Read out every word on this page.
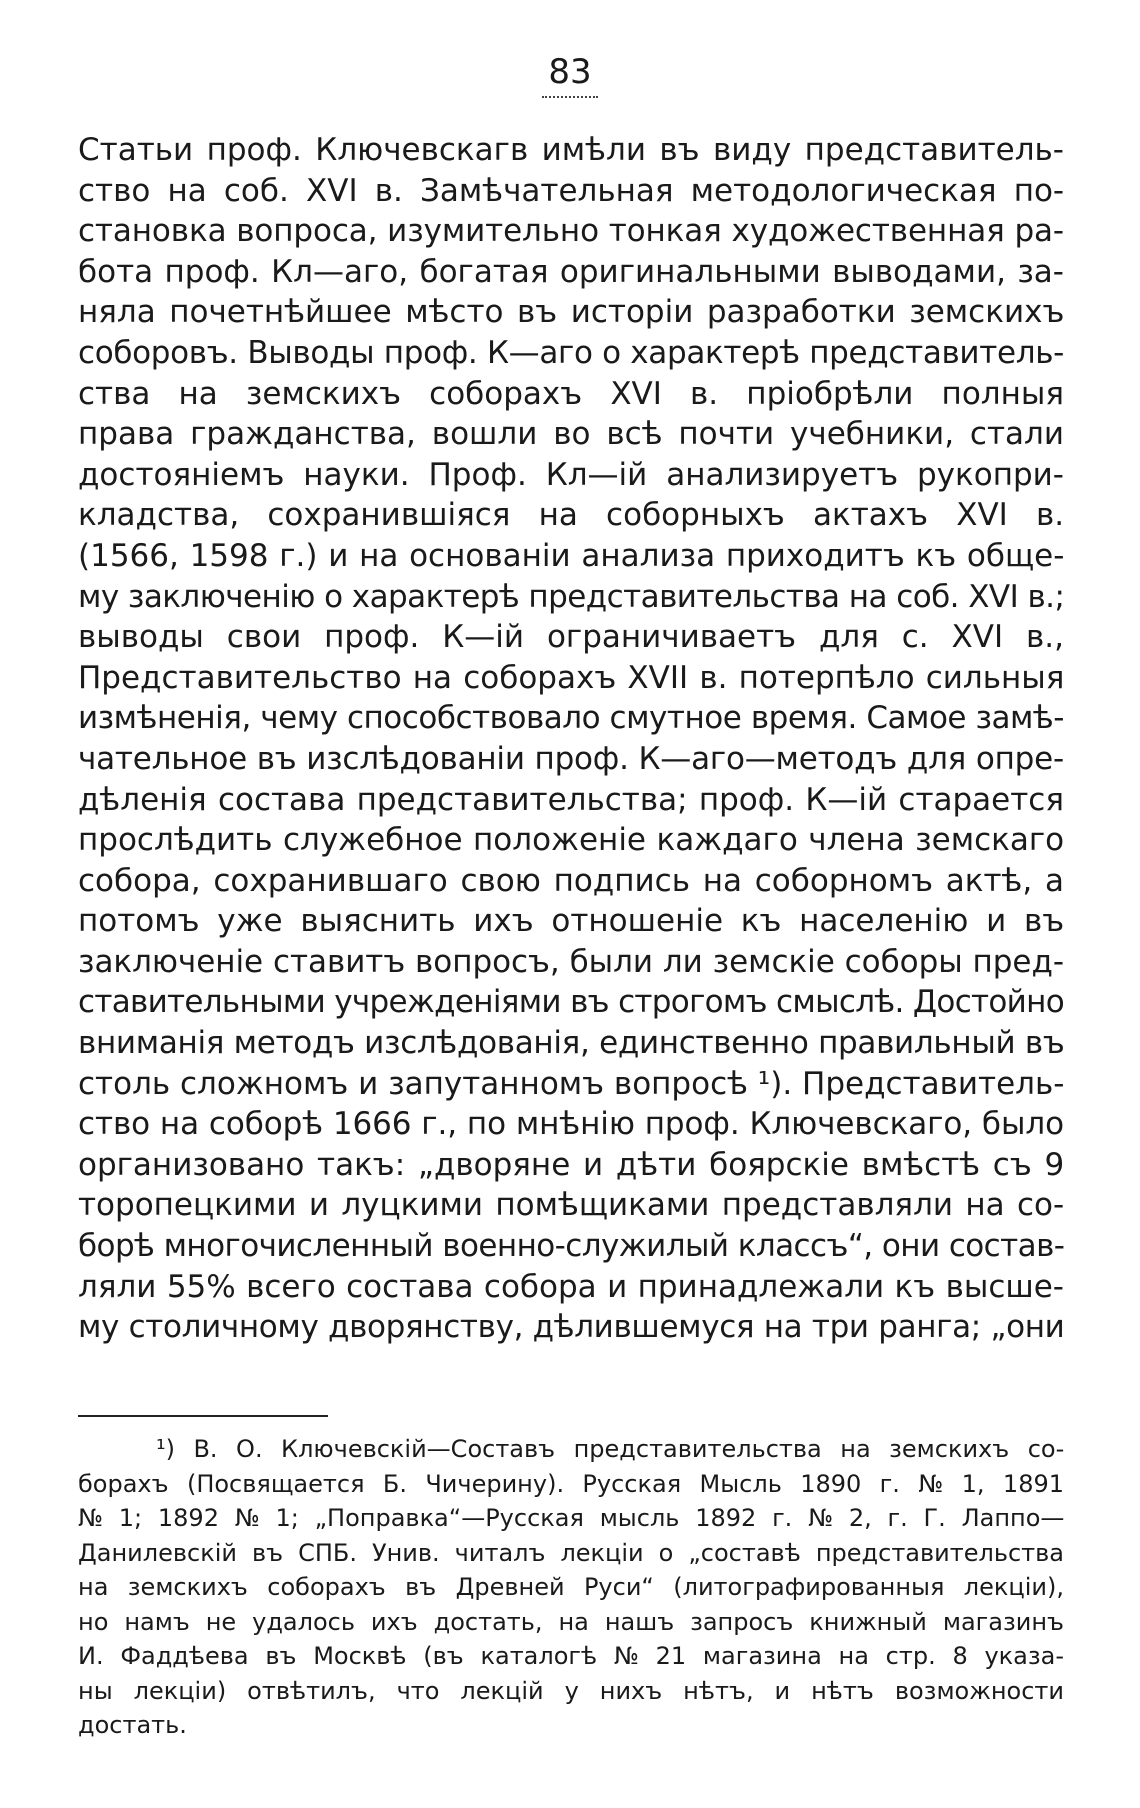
83
Статьи проф. Ключевскагв имѣли въ виду представитель-
ство на соб. XVI в. Замѣчательная методологическая по-
становка вопроса, изумительно тонкая художественная ра-
бота проф. Кл—аго, богатая оригинальными выводами, за-
няла почетнѣйшее мѣсто въ исторіи разработки земскихъ
соборовъ. Выводы проф. К—аго о характерѣ представитель-
ства на земскихъ соборахъ XVI в. пріобрѣли полныя
права гражданства, вошли во всѣ почти учебники, стали
достояніемъ науки. Проф. Кл—ій анализируетъ рукопри-
кладства, сохранившіяся на соборныхъ актахъ XVI в.
(1566, 1598 г.) и на основаніи анализа приходитъ къ обще-
му заключенію о характерѣ представительства на соб. XVI в.;
выводы свои проф. К—ій ограничиваетъ для с. XVI в.,
Представительство на соборахъ XVII в. потерпѣло сильныя
измѣненія, чему способствовало смутное время. Самое замѣ-
чательное въ изслѣдованіи проф. К—аго—методъ для опре-
дѣленія состава представительства; проф. К—ій старается
прослѣдить служебное положеніе каждаго члена земскаго
собора, сохранившаго свою подпись на соборномъ актѣ, а
потомъ уже выяснить ихъ отношеніе къ населенію и въ
заключеніе ставитъ вопросъ, были ли земскіе соборы пред-
ставительными учрежденіями въ строгомъ смыслѣ. Достойно
вниманія методъ изслѣдованія, единственно правильный въ
столь сложномъ и запутанномъ вопросѣ ¹). Представитель-
ство на соборѣ 1666 г., по мнѣнію проф. Ключевскаго, было
организовано такъ: „дворяне и дѣти боярскіе вмѣстѣ съ 9
торопецкими и луцкими помѣщиками представляли на со-
борѣ многочисленный военно-служилый классъ“, они состав-
ляли 55% всего состава собора и принадлежали къ высше-
му столичному дворянству, дѣлившемуся на три ранга; „они
¹) В. О. Ключевскій—Составъ представительства на земскихъ со-
борахъ (Посвящается Б. Чичерину). Русская Мысль 1890 г. № 1, 1891
№ 1; 1892 № 1; „Поправка“—Русская мысль 1892 г. № 2, г. Г. Лаппо—
Данилевскій въ СПБ. Унив. читалъ лекціи о „составѣ представительства
на земскихъ соборахъ въ Древней Руси“ (литографированныя лекціи),
но намъ не удалось ихъ достать, на нашъ запросъ книжный магазинъ
И. Фаддѣева въ Москвѣ (въ каталогѣ № 21 магазина на стр. 8 указа-
ны лекціи) отвѣтилъ, что лекцій у нихъ нѣтъ, и нѣтъ возможности
достать.
